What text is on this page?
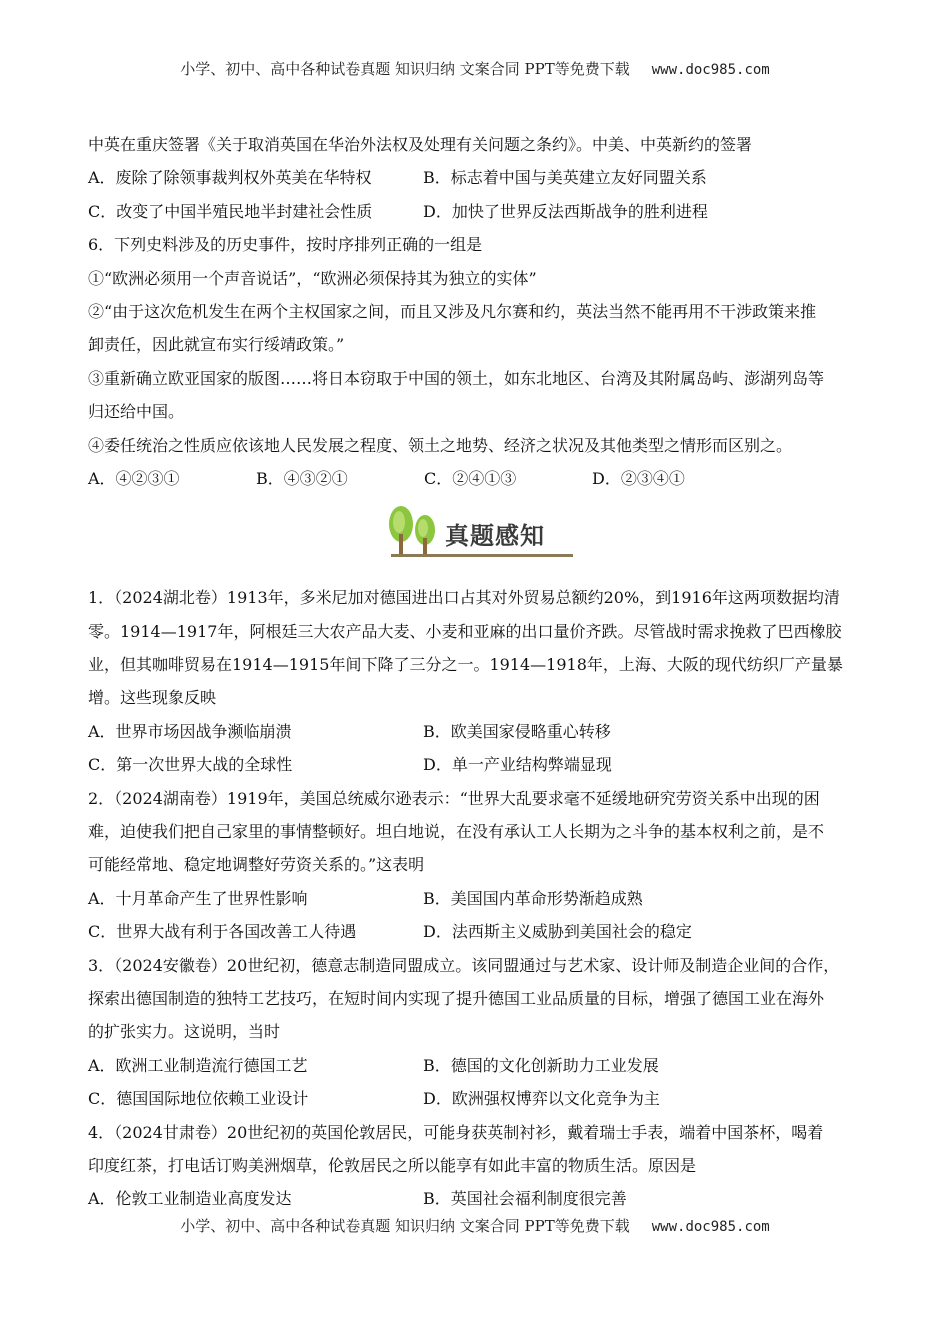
小学、初中、高中各种试卷真题 知识归纳 文案合同 PPT等免费下载 www.doc985.com
中英在重庆签署《关于取消英国在华治外法权及处理有关问题之条约》。中美、中英新约的签署
A．废除了除领事裁判权外英美在华特权	B．标志着中国与美英建立友好同盟关系
C．改变了中国半殖民地半封建社会性质	D．加快了世界反法西斯战争的胜利进程
6．下列史料涉及的历史事件，按时序排列正确的一组是
①“欧洲必须用一个声音说话”，“欧洲必须保持其为独立的实体”
②“由于这次危机发生在两个主权国家之间，而且又涉及凡尔赛和约，英法当然不能再用不干涉政策来推
卸责任，因此就宣布实行绥靖政策。”
③重新确立欧亚国家的版图……将日本窃取于中国的领土，如东北地区、台湾及其附属岛屿、澎湖列岛等
归还给中国。
④委任统治之性质应依该地人民发展之程度、领土之地势、经济之状况及其他类型之情形而区别之。
A．④②③①	B．④③②①	C．②④①③	D．②③④①
真题感知
1．（2024湖北卷）1913年，多米尼加对德国进出口占其对外贸易总额约20%，到1916年这两项数据均清
零。1914—1917年，阿根廷三大农产品大麦、小麦和亚麻的出口量价齐跌。尽管战时需求挽救了巴西橡胶
业，但其咖啡贸易在1914—1915年间下降了三分之一。1914—1918年，上海、大阪的现代纺织厂产量暴
增。这些现象反映
A．世界市场因战争濒临崩溃	B．欧美国家侵略重心转移
C．第一次世界大战的全球性	D．单一产业结构弊端显现
2．（2024湖南卷）1919年，美国总统威尔逊表示：“世界大乱要求毫不延缓地研究劳资关系中出现的困
难，迫使我们把自己家里的事情整顿好。坦白地说，在没有承认工人长期为之斗争的基本权利之前，是不
可能经常地、稳定地调整好劳资关系的。”这表明
A．十月革命产生了世界性影响	B．美国国内革命形势渐趋成熟
C．世界大战有利于各国改善工人待遇	D．法西斯主义威胁到美国社会的稳定
3．（2024安徽卷）20世纪初，德意志制造同盟成立。该同盟通过与艺术家、设计师及制造企业间的合作，
探索出德国制造的独特工艺技巧，在短时间内实现了提升德国工业品质量的目标，增强了德国工业在海外
的扩张实力。这说明，当时
A．欧洲工业制造流行德国工艺	B．德国的文化创新助力工业发展
C．德国国际地位依赖工业设计	D．欧洲强权博弈以文化竞争为主
4．（2024甘肃卷）20世纪初的英国伦敦居民，可能身获英制衬衫，戴着瑞士手表，端着中国茶杯，喝着
印度红茶，打电话订购美洲烟草，伦敦居民之所以能享有如此丰富的物质生活。原因是
A．伦敦工业制造业高度发达	B．英国社会福利制度很完善
小学、初中、高中各种试卷真题 知识归纳 文案合同 PPT等免费下载 www.doc985.com
